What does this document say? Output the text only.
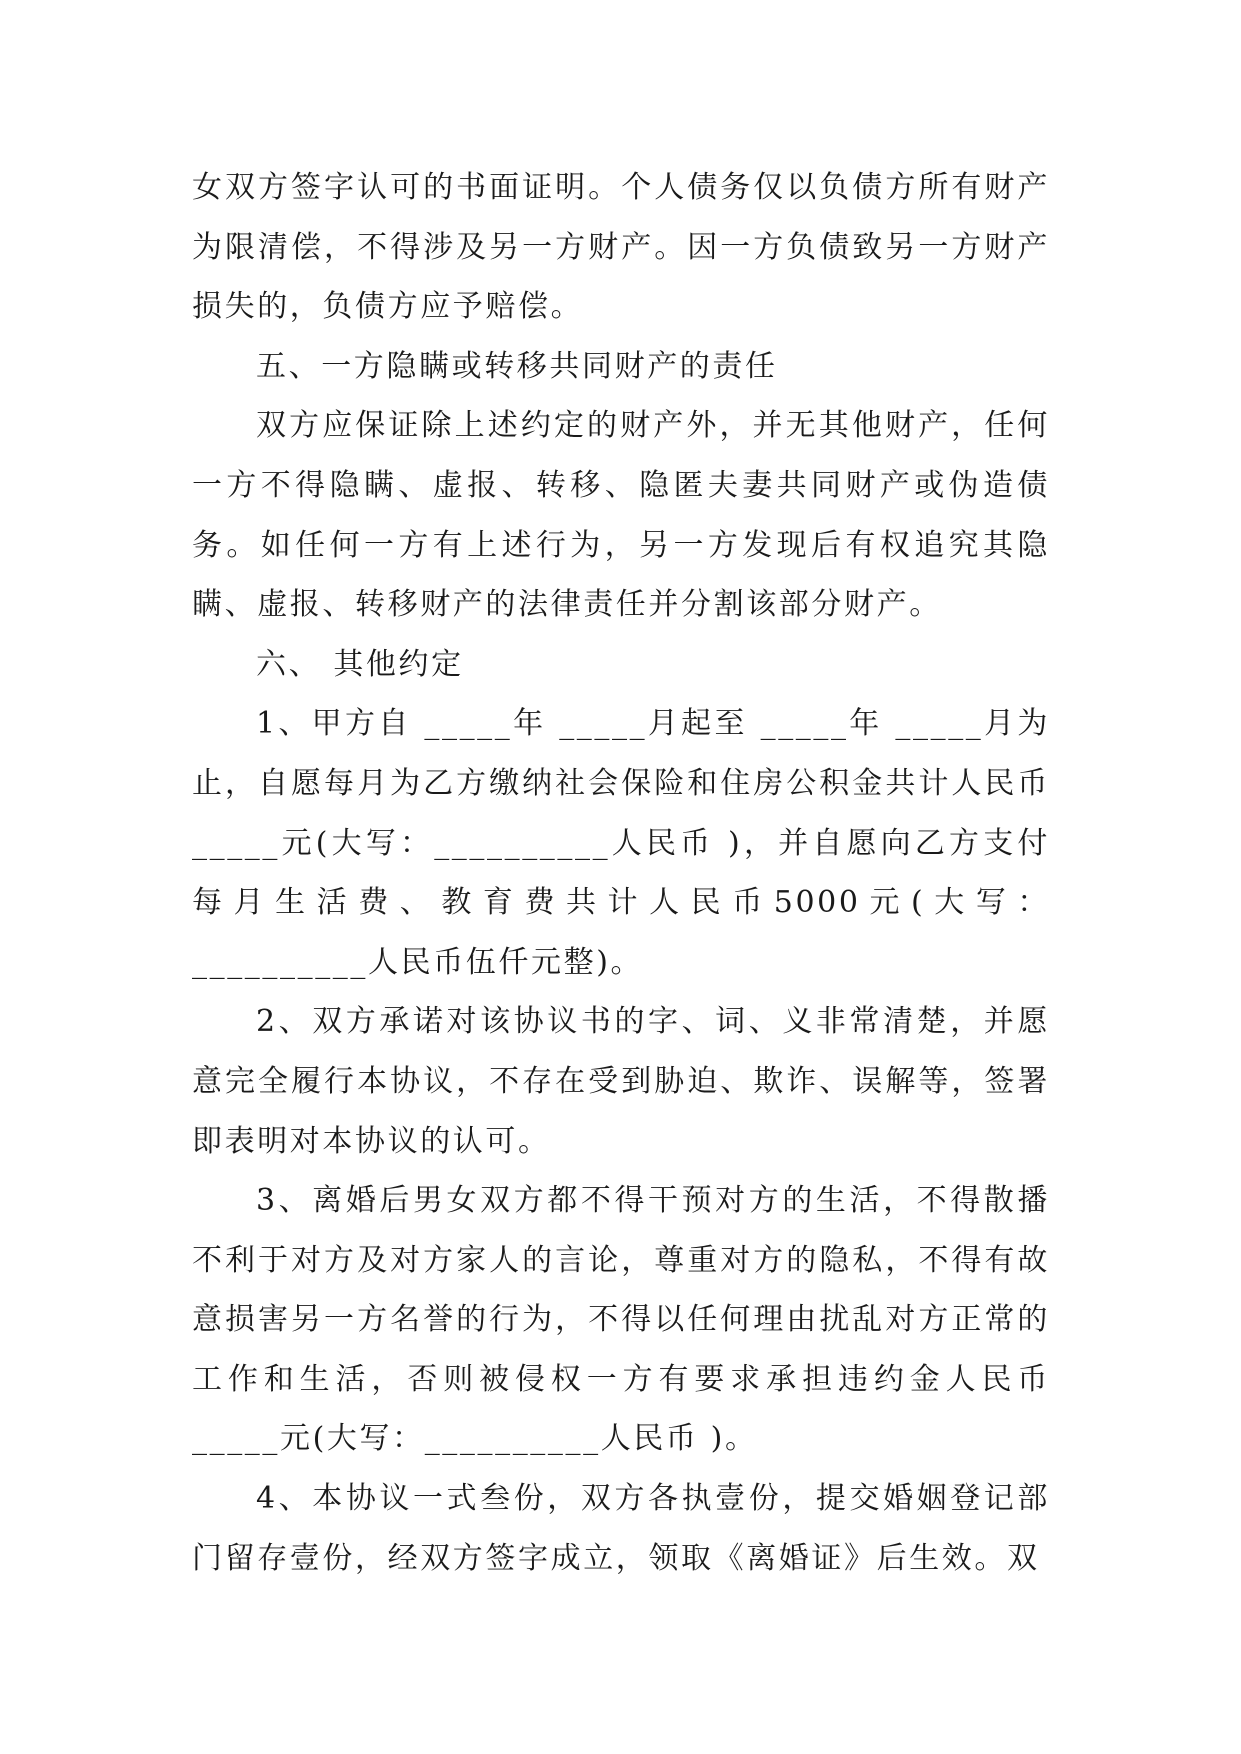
女双方签字认可的书面证明。个人债务仅以负债方所有财产为限清偿，不得涉及另一方财产。因一方负债致另一方财产损失的，负债方应予赔偿。

五、一方隐瞒或转移共同财产的责任

双方应保证除上述约定的财产外，并无其他财产，任何一方不得隐瞒、虚报、转移、隐匿夫妻共同财产或伪造债务。如任何一方有上述行为，另一方发现后有权追究其隐瞒、虚报、转移财产的法律责任并分割该部分财产。

六、 其他约定

1、甲方自 _____年 _____月起至 _____年 _____月为止，自愿每月为乙方缴纳社会保险和住房公积金共计人民币_____元(大写：__________人民币 )，并自愿向乙方支付每月生活费、教育费共计人民币5000元(大写：__________人民币伍仟元整)。

2、双方承诺对该协议书的字、词、义非常清楚，并愿意完全履行本协议，不存在受到胁迫、欺诈、误解等，签署即表明对本协议的认可。

3、离婚后男女双方都不得干预对方的生活，不得散播不利于对方及对方家人的言论，尊重对方的隐私，不得有故意损害另一方名誉的行为，不得以任何理由扰乱对方正常的工作和生活，否则被侵权一方有要求承担违约金人民币_____元(大写：__________人民币 )。

4、本协议一式叁份，双方各执壹份，提交婚姻登记部门留存壹份，经双方签字成立，领取《离婚证》后生效。双
